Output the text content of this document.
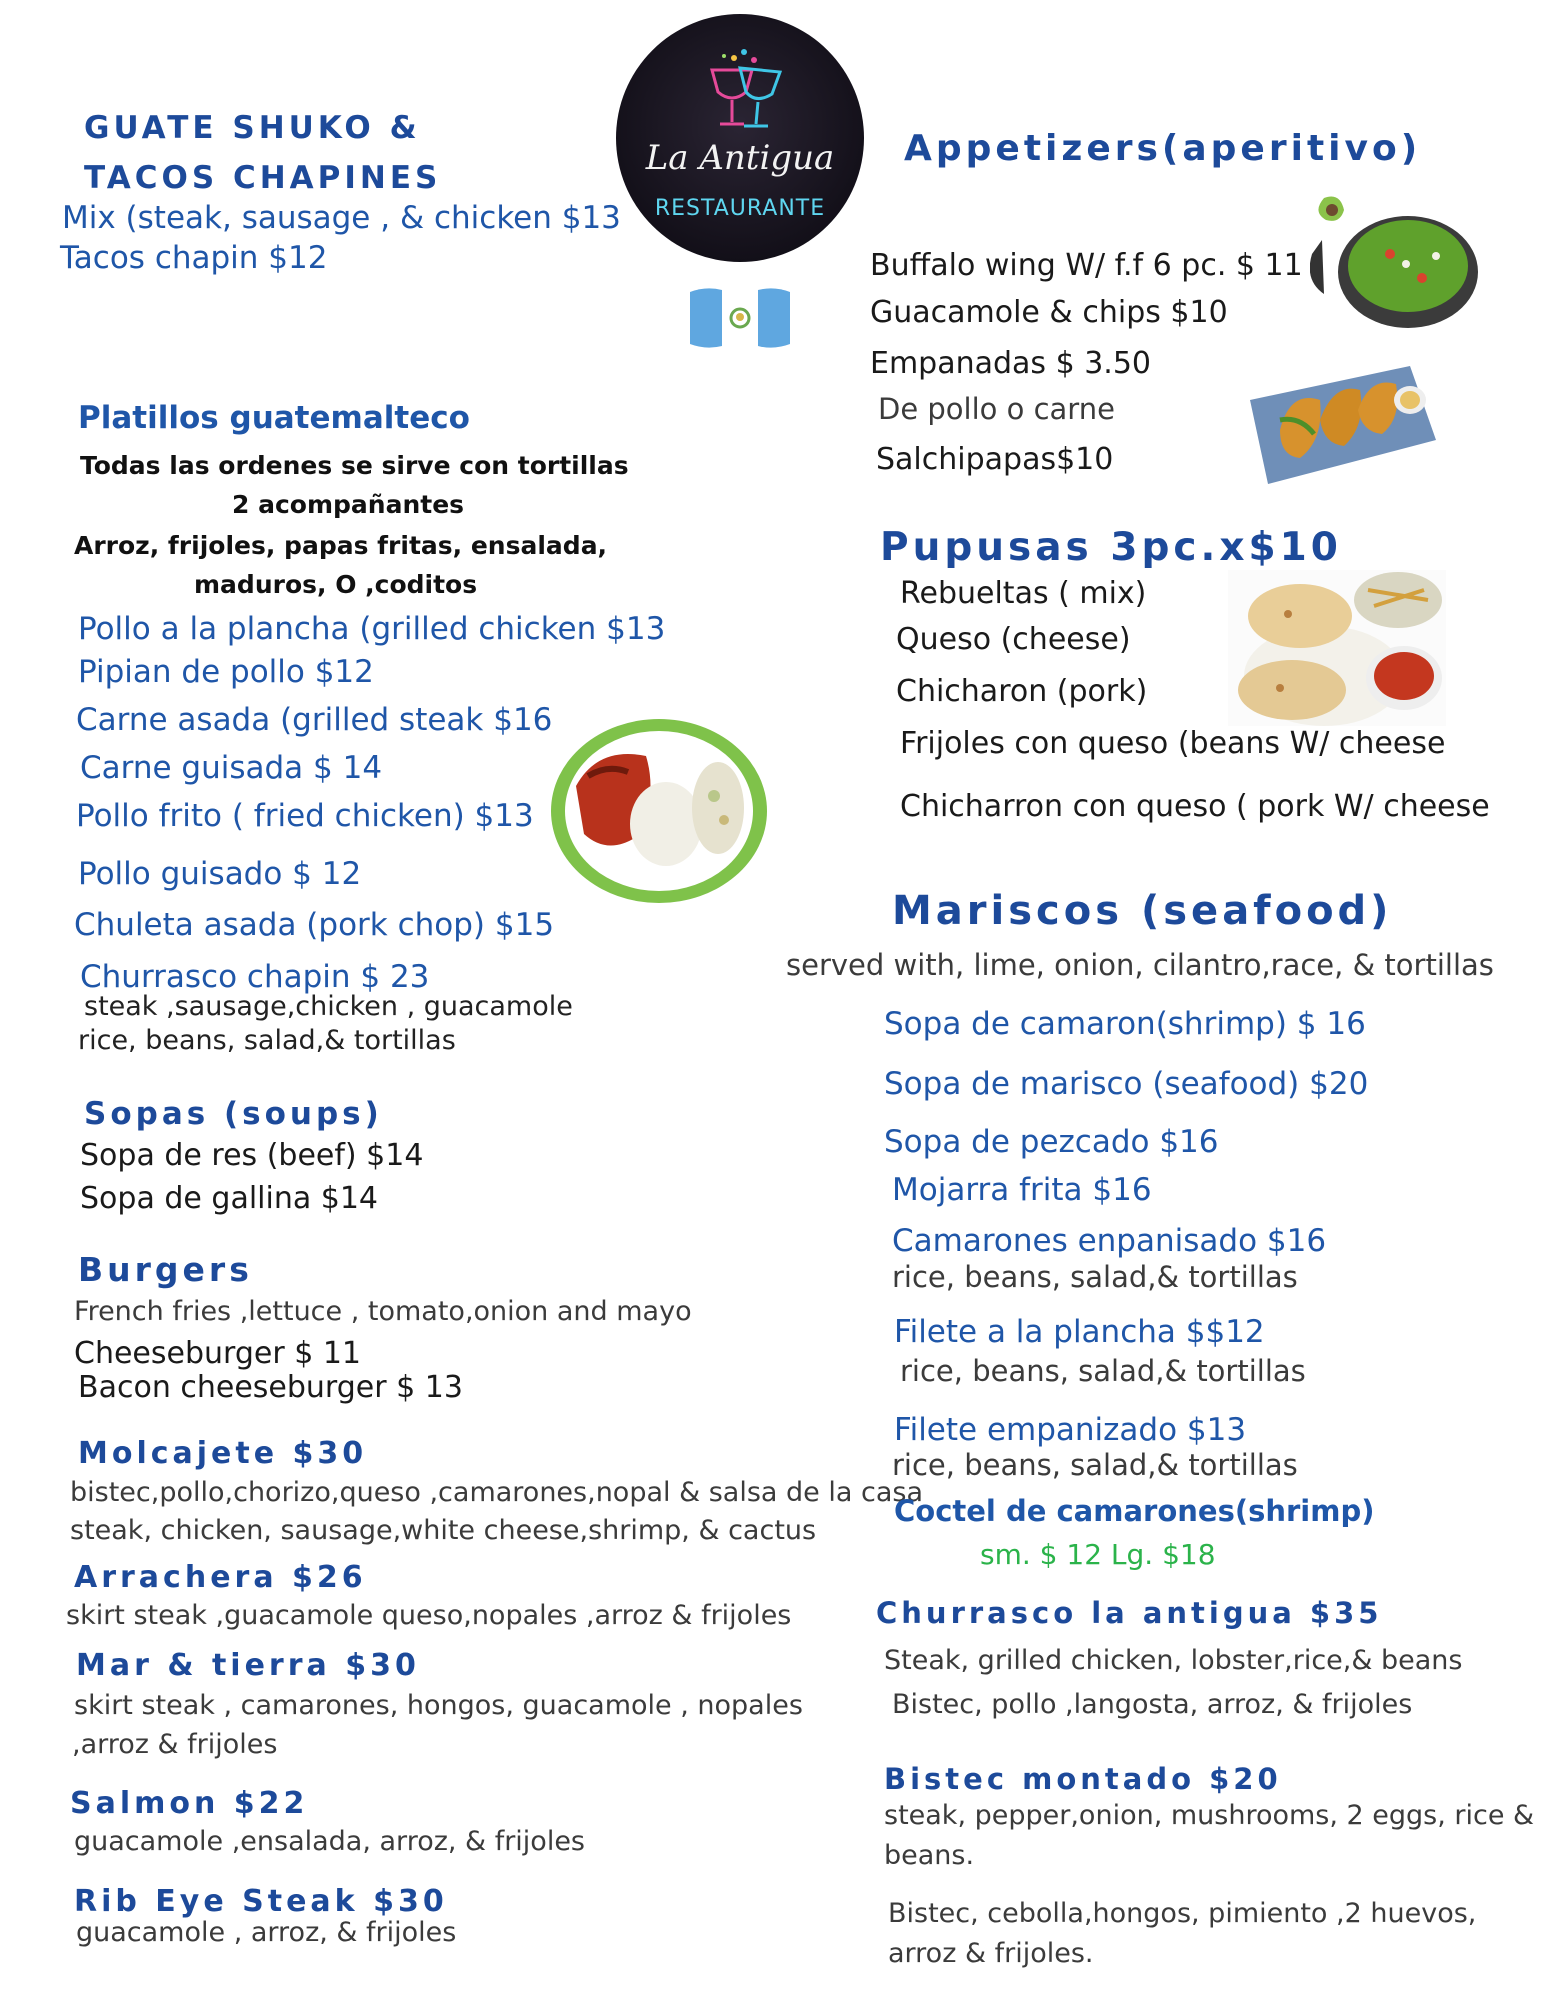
La Antigua
RESTAURANTE
GUATE SHUKO &
TACOS CHAPINES
Mix (steak, sausage , & chicken $13
Tacos chapin $12
Platillos guatemalteco
Todas las ordenes se sirve con tortillas
2 acompañantes
Arroz, frijoles, papas fritas, ensalada,
maduros, O ,coditos
Pollo a la plancha (grilled chicken $13
Pipian de pollo $12
Carne asada (grilled steak $16
Carne guisada $ 14
Pollo frito ( fried chicken) $13
Pollo guisado $ 12
Chuleta asada (pork chop) $15
Churrasco chapin $ 23
steak ,sausage,chicken , guacamole
rice, beans, salad,& tortillas
Sopas (soups)
Sopa de res (beef) $14
Sopa de gallina $14
Burgers
French fries ,lettuce , tomato,onion and mayo
Cheeseburger $ 11
Bacon cheeseburger $ 13
Molcajete $30
bistec,pollo,chorizo,queso ,camarones,nopal & salsa de la casa
steak, chicken, sausage,white cheese,shrimp, & cactus
Arrachera $26
skirt steak ,guacamole queso,nopales ,arroz & frijoles
Mar & tierra $30
skirt steak , camarones, hongos, guacamole , nopales
,arroz & frijoles
Salmon $22
guacamole ,ensalada, arroz, & frijoles
Rib Eye Steak $30
guacamole , arroz, & frijoles
Appetizers(aperitivo)
Buffalo wing W/ f.f 6 pc. $ 11
Guacamole & chips $10
Empanadas $ 3.50
De pollo o carne
Salchipapas$10
Pupusas 3pc.x$10
Rebueltas ( mix)
Queso (cheese)
Chicharon (pork)
Frijoles con queso (beans W/ cheese
Chicharron con queso ( pork W/ cheese
Mariscos (seafood)
served with, lime, onion, cilantro,race, & tortillas
Sopa de camaron(shrimp) $ 16
Sopa de marisco (seafood) $20
Sopa de pezcado $16
Mojarra frita $16
Camarones enpanisado $16
rice, beans, salad,& tortillas
Filete a la plancha $$12
rice, beans, salad,& tortillas
Filete empanizado $13
rice, beans, salad,& tortillas
Coctel de camarones(shrimp)
sm. $ 12 Lg. $18
Churrasco la antigua $35
Steak, grilled chicken, lobster,rice,& beans
Bistec, pollo ,langosta, arroz, & frijoles
Bistec montado $20
steak, pepper,onion, mushrooms, 2 eggs, rice &
beans.
Bistec, cebolla,hongos, pimiento ,2 huevos,
arroz & frijoles.
